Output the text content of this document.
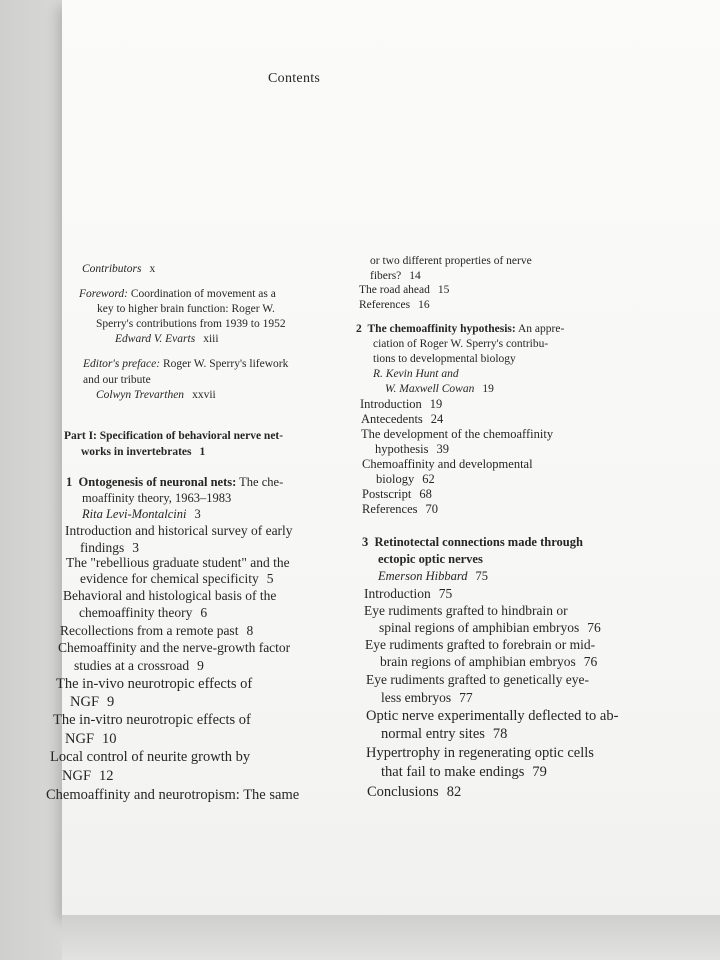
Contents
Contributors x
Foreword: Coordination of movement as a
key to higher brain function: Roger W.
Sperry's contributions from 1939 to 1952
Edward V. Evarts xiii
Editor's preface: Roger W. Sperry's lifework
and our tribute
Colwyn Trevarthen xxvii
Part I: Specification of behavioral nerve net-
works in invertebrates 1
1 Ontogenesis of neuronal nets: The che-
moaffinity theory, 1963–1983
Rita Levi-Montalcini 3
Introduction and historical survey of early
findings 3
The "rebellious graduate student" and the
evidence for chemical specificity 5
Behavioral and histological basis of the
chemoaffinity theory 6
Recollections from a remote past 8
Chemoaffinity and the nerve-growth factor
studies at a crossroad 9
The in-vivo neurotropic effects of
NGF 9
The in-vitro neurotropic effects of
NGF 10
Local control of neurite growth by
NGF 12
Chemoaffinity and neurotropism: The same
or two different properties of nerve
fibers? 14
The road ahead 15
References 16
2 The chemoaffinity hypothesis: An appre-
ciation of Roger W. Sperry's contribu-
tions to developmental biology
R. Kevin Hunt and
W. Maxwell Cowan 19
Introduction 19
Antecedents 24
The development of the chemoaffinity
hypothesis 39
Chemoaffinity and developmental
biology 62
Postscript 68
References 70
3 Retinotectal connections made through
ectopic optic nerves
Emerson Hibbard 75
Introduction 75
Eye rudiments grafted to hindbrain or
spinal regions of amphibian embryos 76
Eye rudiments grafted to forebrain or mid-
brain regions of amphibian embryos 76
Eye rudiments grafted to genetically eye-
less embryos 77
Optic nerve experimentally deflected to ab-
normal entry sites 78
Hypertrophy in regenerating optic cells
that fail to make endings 79
Conclusions 82
